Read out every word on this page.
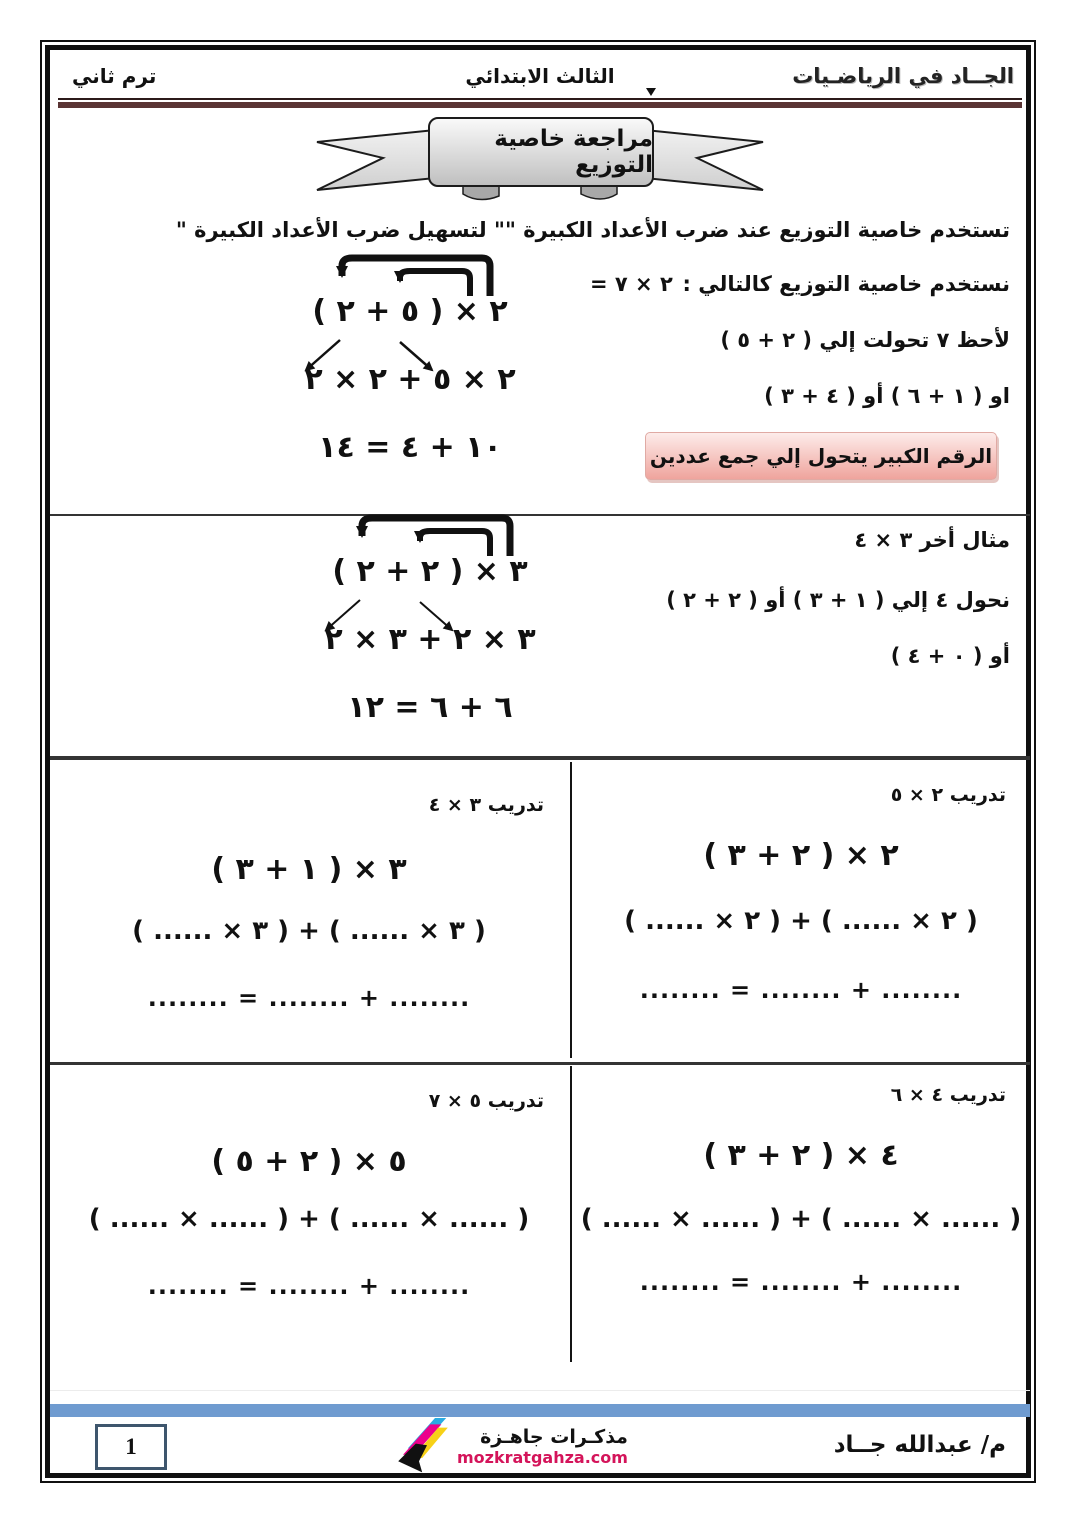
الجــاد في الرياضـيات
الثالث الابتدائي
ترم ثاني
مراجعة خاصية التوزيع
تستخدم خاصية التوزيع عند ضرب الأعداد الكبيرة "
" لتسهيل ضرب الأعداد الكبيرة "
نستخدم خاصية التوزيع كالتالي :
٢ × ٧ =
لأحظ ٧ تحولت إلي ( ٢ + ٥ )
او ( ١ + ٦ ) أو ( ٤ + ٣ )
الرقم الكبير يتحول إلي جمع عددين
٢ × ( ٥ + ٢ )
٢ × ٥ + ٢ × ٢
١٠ + ٤ = ١٤
مثال أخر ٣ × ٤
نحول ٤ إلي ( ١ + ٣ ) أو ( ٢ + ٢ )
أو ( ٠ + ٤ )
٣ × ( ٢ + ٢ )
٣ × ٢ + ٣ × ٢
٦ + ٦ = ١٢
تدريب ٢ × ٥
٢ × ( ٢ + ٣ )
( ٢ × ...... ) + ( ٢ × ...... )
........ + ........ = ........
تدريب ٣ × ٤
٣ × ( ١ + ٣ )
( ٣ × ...... ) + ( ٣ × ...... )
........ + ........ = ........
تدريب ٤ × ٦
٤ × ( ٢ + ٣ )
( ...... × ...... ) + ( ...... × ...... )
........ + ........ = ........
تدريب ٥ × ٧
٥ × ( ٢ + ٥ )
( ...... × ...... ) + ( ...... × ...... )
........ + ........ = ........
1	مذكـرات جاهـزة
mozkratgahza.com	م/ عبدالله جــاد
